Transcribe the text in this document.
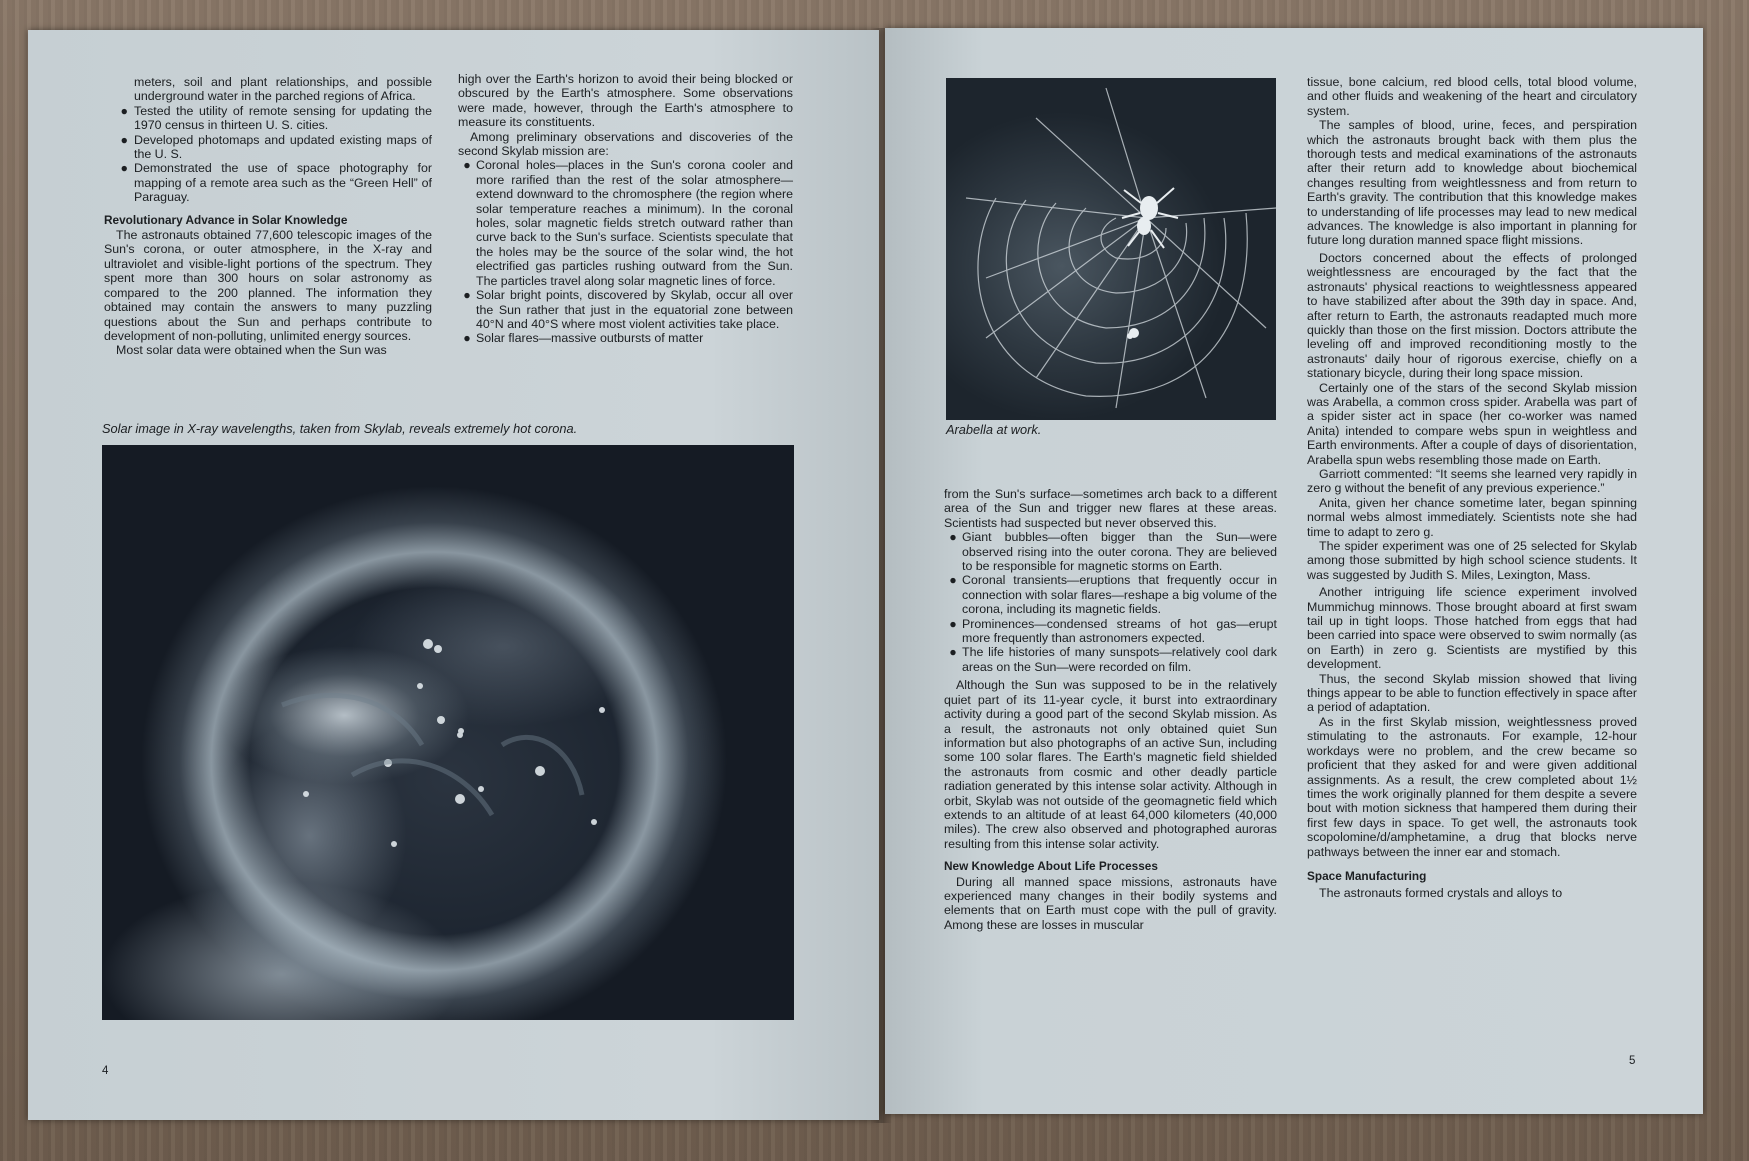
meters, soil and plant relationships, and possible underground water in the parched regions of Africa.

● Tested the utility of remote sensing for updating the 1970 census in thirteen U. S. cities.
● Developed photomaps and updated existing maps of the U. S.
● Demonstrated the use of space photography for mapping of a remote area such as the “Green Hell” of Paraguay.
Revolutionary Advance in Solar Knowledge

The astronauts obtained 77,600 telescopic images of the Sun's corona, or outer atmosphere, in the X-ray and ultraviolet and visible-light portions of the spectrum. They spent more than 300 hours on solar astronomy as compared to the 200 planned. The information they obtained may contain the answers to many puzzling questions about the Sun and perhaps contribute to development of non-polluting, unlimited energy sources.

Most solar data were obtained when the Sun was

high over the Earth's horizon to avoid their being blocked or obscured by the Earth's atmosphere. Some observations were made, however, through the Earth's atmosphere to measure its constituents.

Among preliminary observations and discoveries of the second Skylab mission are:

● Coronal holes—places in the Sun's corona cooler and more rarified than the rest of the solar atmosphere—extend downward to the chromosphere (the region where solar temperature reaches a minimum). In the coronal holes, solar magnetic fields stretch outward rather than curve back to the Sun's surface. Scientists speculate that the holes may be the source of the solar wind, the hot electrified gas particles rushing outward from the Sun. The particles travel along solar magnetic lines of force.
● Solar bright points, discovered by Skylab, occur all over the Sun rather that just in the equatorial zone between 40°N and 40°S where most violent activities take place.
● Solar flares—massive outbursts of matter
Solar image in X-ray wavelengths, taken from Skylab, reveals extremely hot corona.
4
Arabella at work.

from the Sun's surface—sometimes arch back to a different area of the Sun and trigger new flares at these areas. Scientists had suspected but never observed this.

● Giant bubbles—often bigger than the Sun—were observed rising into the outer corona. They are believed to be responsible for magnetic storms on Earth.
● Coronal transients—eruptions that frequently occur in connection with solar flares—reshape a big volume of the corona, including its magnetic fields.
● Prominences—condensed streams of hot gas—erupt more frequently than astronomers expected.
● The life histories of many sunspots—relatively cool dark areas on the Sun—were recorded on film.

Although the Sun was supposed to be in the relatively quiet part of its 11-year cycle, it burst into extraordinary activity during a good part of the second Skylab mission. As a result, the astronauts not only obtained quiet Sun information but also photographs of an active Sun, including some 100 solar flares. The Earth's magnetic field shielded the astronauts from cosmic and other deadly particle radiation generated by this intense solar activity. Although in orbit, Skylab was not outside of the geomagnetic field which extends to an altitude of at least 64,000 kilometers (40,000 miles). The crew also observed and photographed auroras resulting from this intense solar activity.

New Knowledge About Life Processes

During all manned space missions, astronauts have experienced many changes in their bodily systems and elements that on Earth must cope with the pull of gravity. Among these are losses in muscular

tissue, bone calcium, red blood cells, total blood volume, and other fluids and weakening of the heart and circulatory system.

The samples of blood, urine, feces, and perspiration which the astronauts brought back with them plus the thorough tests and medical examinations of the astronauts after their return add to knowledge about biochemical changes resulting from weightlessness and from return to Earth's gravity. The contribution that this knowledge makes to understanding of life processes may lead to new medical advances. The knowledge is also important in planning for future long duration manned space flight missions.

Doctors concerned about the effects of prolonged weightlessness are encouraged by the fact that the astronauts' physical reactions to weightlessness appeared to have stabilized after about the 39th day in space. And, after return to Earth, the astronauts readapted much more quickly than those on the first mission. Doctors attribute the leveling off and improved reconditioning mostly to the astronauts' daily hour of rigorous exercise, chiefly on a stationary bicycle, during their long space mission.

Certainly one of the stars of the second Skylab mission was Arabella, a common cross spider. Arabella was part of a spider sister act in space (her co-worker was named Anita) intended to compare webs spun in weightless and Earth environments. After a couple of days of disorientation, Arabella spun webs resembling those made on Earth.

Garriott commented: “It seems she learned very rapidly in zero g without the benefit of any previous experience.”

Anita, given her chance sometime later, began spinning normal webs almost immediately. Scientists note she had time to adapt to zero g.

The spider experiment was one of 25 selected for Skylab among those submitted by high school science students. It was suggested by Judith S. Miles, Lexington, Mass.

Another intriguing life science experiment involved Mummichug minnows. Those brought aboard at first swam tail up in tight loops. Those hatched from eggs that had been carried into space were observed to swim normally (as on Earth) in zero g. Scientists are mystified by this development.

Thus, the second Skylab mission showed that living things appear to be able to function effectively in space after a period of adaptation.

As in the first Skylab mission, weightlessness proved stimulating to the astronauts. For example, 12-hour workdays were no problem, and the crew became so proficient that they asked for and were given additional assignments. As a result, the crew completed about 1½ times the work originally planned for them despite a severe bout with motion sickness that hampered them during their first few days in space. To get well, the astronauts took scopolomine/d/amphetamine, a drug that blocks nerve pathways between the inner ear and stomach.

Space Manufacturing

The astronauts formed crystals and alloys to

5
